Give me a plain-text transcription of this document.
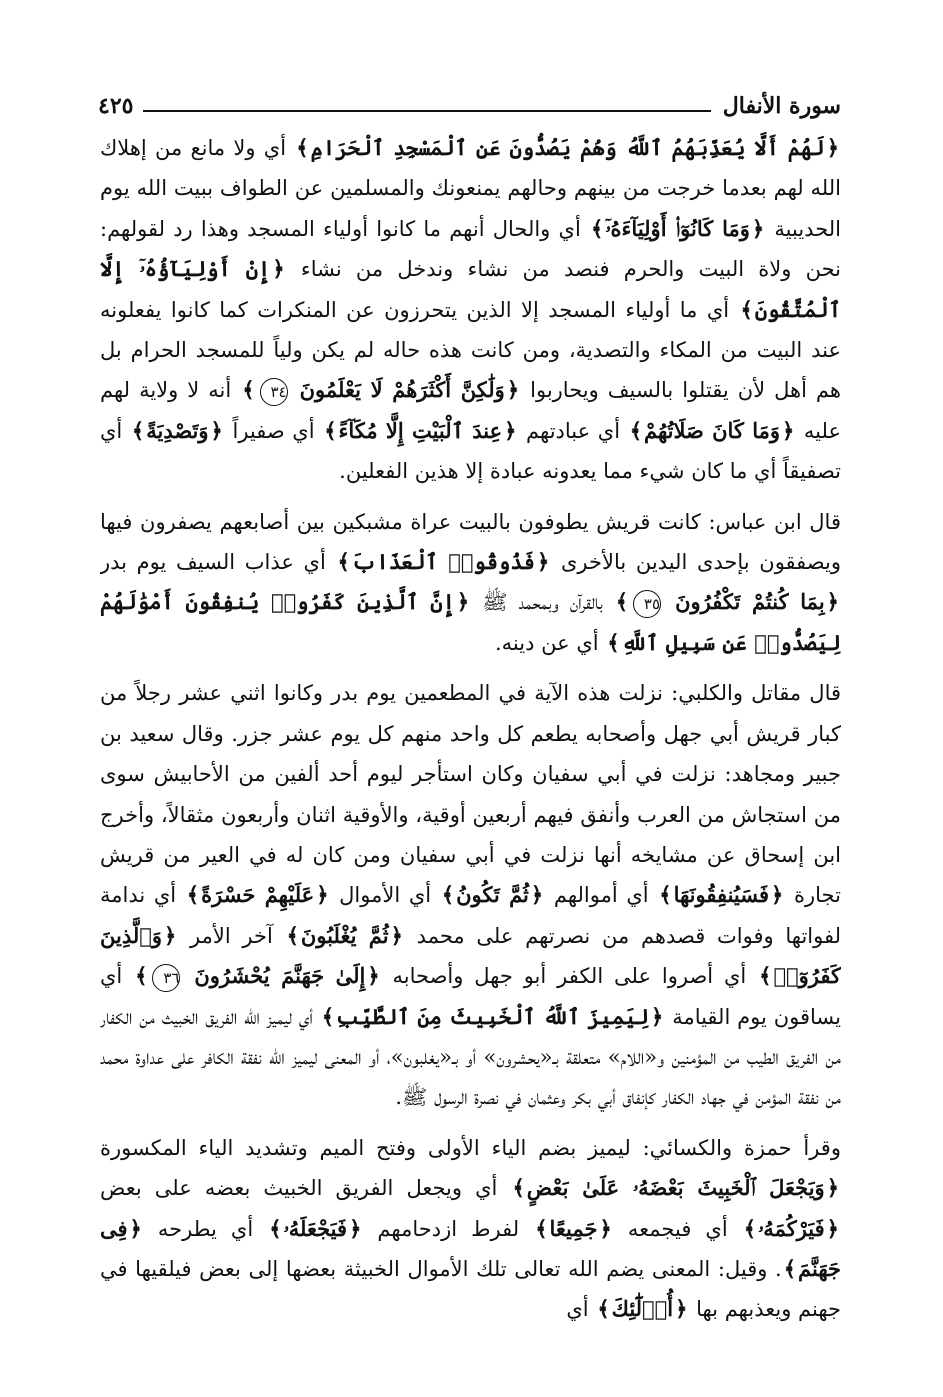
سورة الأنفال
٤٢٥

﴿لَهُمْ أَلَّا يُعَذِّبَهُمُ ٱللَّهُ وَهُمْ يَصُدُّونَ عَنِ ٱلْمَسْجِدِ ٱلْحَرَامِ﴾ أي ولا مانع من إهلاك الله لهم بعدما خرجت من بينهم وحالهم يمنعونك والمسلمين عن الطواف ببيت الله يوم الحديبية ﴿وَمَا كَانُوٓا۟ أَوْلِيَآءَهُۥٓ﴾ أي والحال أنهم ما كانوا أولياء المسجد وهذا رد لقولهم: نحن ولاة البيت والحرم فنصد من نشاء وندخل من نشاء ﴿إِنْ أَوْلِيَآؤُهُۥٓ إِلَّا ٱلْمُتَّقُونَ﴾ أي ما أولياء المسجد إلا الذين يتحرزون عن المنكرات كما كانوا يفعلونه عند البيت من المكاء والتصدية، ومن كانت هذه حاله لم يكن ولياً للمسجد الحرام بل هم أهل لأن يقتلوا بالسيف ويحاربوا ﴿وَلَٰكِنَّ أَكْثَرَهُمْ لَا يَعْلَمُونَ ٣٤﴾ أنه لا ولاية لهم عليه ﴿وَمَا كَانَ صَلَاتُهُمْ﴾ أي عبادتهم ﴿عِندَ ٱلْبَيْتِ إِلَّا مُكَآءً﴾ أي صفيراً ﴿وَتَصْدِيَةً﴾ أي تصفيقاً أي ما كان شيء مما يعدونه عبادة إلا هذين الفعلين.

قال ابن عباس: كانت قريش يطوفون بالبيت عراة مشبكين بين أصابعهم يصفرون فيها ويصفقون بإحدى اليدين بالأخرى ﴿فَذُوقُوا۟ ٱلْعَذَابَ﴾ أي عذاب السيف يوم بدر ﴿بِمَا كُنتُمْ تَكْفُرُونَ ٣٥﴾ بالقرآن وبمحمد ﷺ ﴿إِنَّ ٱلَّذِينَ كَفَرُوا۟ يُنفِقُونَ أَمْوَٰلَهُمْ لِيَصُدُّوا۟ عَن سَبِيلِ ٱللَّهِ﴾ أي عن دينه.

قال مقاتل والكلبي: نزلت هذه الآية في المطعمين يوم بدر وكانوا اثني عشر رجلاً من كبار قريش أبي جهل وأصحابه يطعم كل واحد منهم كل يوم عشر جزر. وقال سعيد بن جبير ومجاهد: نزلت في أبي سفيان وكان استأجر ليوم أحد ألفين من الأحابيش سوى من استجاش من العرب وأنفق فيهم أربعين أوقية، والأوقية اثنان وأربعون مثقالاً، وأخرج ابن إسحاق عن مشايخه أنها نزلت في أبي سفيان ومن كان له في العير من قريش تجارة ﴿فَسَيُنفِقُونَهَا﴾ أي أموالهم ﴿ثُمَّ تَكُونُ﴾ أي الأموال ﴿عَلَيْهِمْ حَسْرَةً﴾ أي ندامة لفواتها وفوات قصدهم من نصرتهم على محمد ﴿ثُمَّ يُغْلَبُونَ﴾ آخر الأمر ﴿وَٱلَّذِينَ كَفَرُوٓا۟﴾ أي أصروا على الكفر أبو جهل وأصحابه ﴿إِلَىٰ جَهَنَّمَ يُحْشَرُونَ ٣٦﴾ أي يساقون يوم القيامة ﴿لِيَمِيزَ ٱللَّهُ ٱلْخَبِيثَ مِنَ ٱلطَّيِّبِ﴾ أي ليميز الله الفريق الخبيث من الكفار من الفريق الطيب من المؤمنين و«اللام» متعلقة بـ«يحشرون» أو بـ«يغلبون»، أو المعنى ليميز الله نفقة الكافر على عداوة محمد من نفقة المؤمن في جهاد الكفار كإنفاق أبي بكر وعثمان في نصرة الرسول ﷺ.

وقرأ حمزة والكسائي: ليميز بضم الياء الأولى وفتح الميم وتشديد الياء المكسورة ﴿وَيَجْعَلَ ٱلْخَبِيثَ بَعْضَهُۥ عَلَىٰ بَعْضٍ﴾ أي ويجعل الفريق الخبيث بعضه على بعض ﴿فَيَرْكُمَهُۥ﴾ أي فيجمعه ﴿جَمِيعًا﴾ لفرط ازدحامهم ﴿فَيَجْعَلَهُۥ﴾ أي يطرحه ﴿فِى جَهَنَّمَ﴾. وقيل: المعنى يضم الله تعالى تلك الأموال الخبيثة بعضها إلى بعض فيلقيها في جهنم ويعذبهم بها ﴿أُو۟لَٰٓئِكَ﴾ أي
